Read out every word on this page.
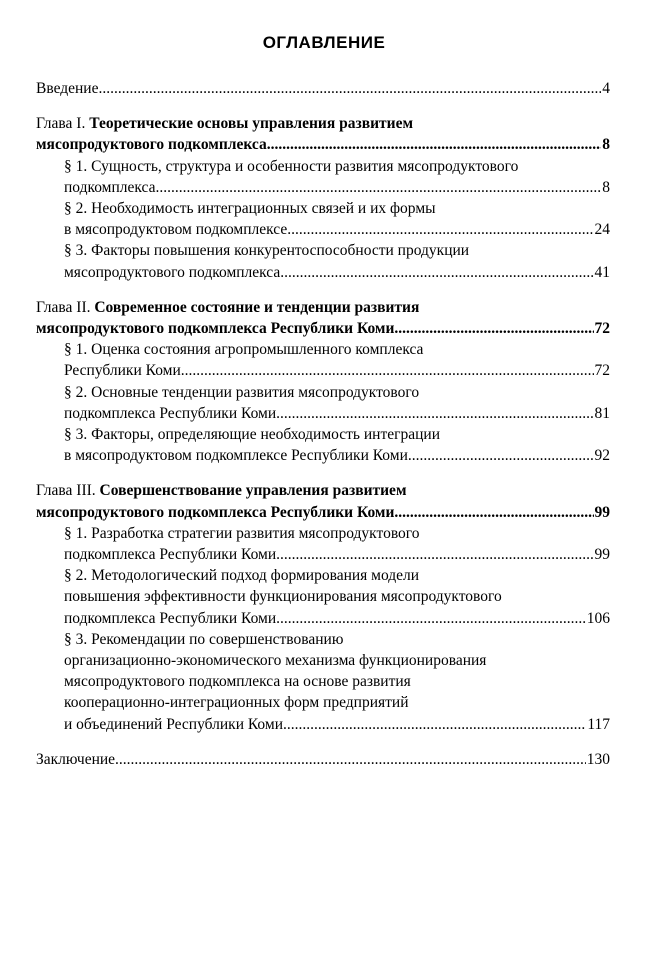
ОГЛАВЛЕНИЕ
Введение .....	4
Глава I.
Теоретические основы управления развитием
мясопродуктового подкомплекса .....	8
§ 1. Сущность, структура и особенности развития мясопродуктового
подкомплекса .....	8
§ 2. Необходимость интеграционных связей и их формы
в мясопродуктовом подкомплексе .....	24
§ 3. Факторы повышения конкурентоспособности продукции
мясопродуктового подкомплекса .....	41
Глава II.
Современное состояние и тенденции развития
мясопродуктового подкомплекса Республики Коми .....	72
§ 1. Оценка состояния агропромышленного комплекса
Республики Коми .....	72
§ 2. Основные тенденции развития мясопродуктового
подкомплекса Республики Коми .....	81
§ 3. Факторы, определяющие необходимость интеграции
в мясопродуктовом подкомплексе Республики Коми .....	92
Глава III.
Совершенствование управления развитием
мясопродуктового подкомплекса Республики Коми .....	99
§ 1. Разработка стратегии развития мясопродуктового
подкомплекса Республики Коми .....	99
§ 2. Методологический подход формирования модели
повышения эффективности функционирования мясопродуктового
подкомплекса Республики Коми .....	106
§ 3. Рекомендации по совершенствованию
организационно-экономического механизма функционирования
мясопродуктового подкомплекса на основе развития
кооперационно-интеграционных форм предприятий
и объединений Республики Коми .....	117
Заключение .....	130
